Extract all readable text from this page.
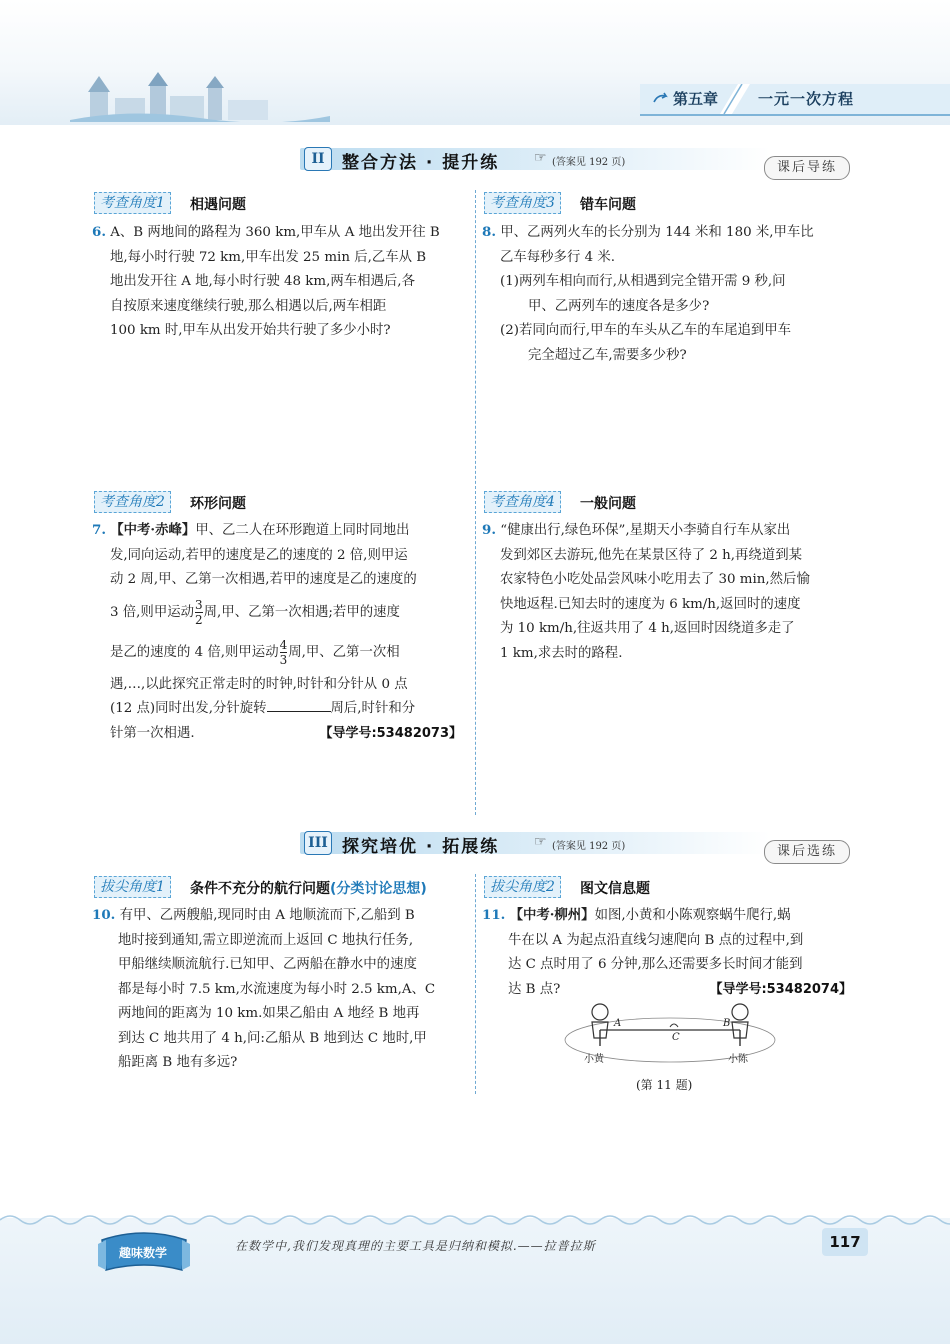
第五章	一元一次方程
II	整合方法 · 提升练 ☞ (答案见 192 页)	课后导练
考查角度1	相遇问题
6. A、B 两地间的路程为 360 km,甲车从 A 地出发开往 B
地,每小时行驶 72 km,甲车出发 25 min 后,乙车从 B
地出发开往 A 地,每小时行驶 48 km,两车相遇后,各
自按原来速度继续行驶,那么相遇以后,两车相距
100 km 时,甲车从出发开始共行驶了多少小时?
考查角度2	环形问题
7. 【中考·赤峰】甲、乙二人在环形跑道上同时同地出
发,同向运动,若甲的速度是乙的速度的 2 倍,则甲运
动 2 周,甲、乙第一次相遇,若甲的速度是乙的速度的
3 倍,则甲运动 $\frac{3}{2}$ 周,甲、乙第一次相遇;若甲的速度
是乙的速度的 4 倍,则甲运动 $\frac{4}{3}$ 周,甲、乙第一次相
遇,…,以此探究正常走时的时钟,时针和分针从 0 点
(12 点)同时出发,分针旋转	周后,时针和分
针第一次相遇.	【导学号:53482073】
考查角度3	错车问题
8. 甲、乙两列火车的长分别为 144 米和 180 米,甲车比
乙车每秒多行 4 米.
(1)两列车相向而行,从相遇到完全错开需 9 秒,问
甲、乙两列车的速度各是多少?
(2)若同向而行,甲车的车头从乙车的车尾追到甲车
完全超过乙车,需要多少秒?
考查角度4	一般问题
9. “健康出行,绿色环保”,星期天小李骑自行车从家出
发到郊区去游玩,他先在某景区待了 2 h,再绕道到某
农家特色小吃处品尝风味小吃用去了 30 min,然后愉
快地返程.已知去时的速度为 6 km/h,返回时的速度
为 10 km/h,往返共用了 4 h,返回时因绕道多走了
1 km,求去时的路程.
III 探究培优 · 拓展练 ☞ (答案见 192 页)	课后选练
拔尖角度1	条件不充分的航行问题(分类讨论思想)
10. 有甲、乙两艘船,现同时由 A 地顺流而下,乙船到 B
地时接到通知,需立即逆流而上返回 C 地执行任务,
甲船继续顺流航行.已知甲、乙两船在静水中的速度
都是每小时 7.5 km,水流速度为每小时 2.5 km,A、C
两地间的距离为 10 km.如果乙船由 A 地经 B 地再
到达 C 地共用了 4 h,问:乙船从 B 地到达 C 地时,甲
船距离 B 地有多远?
拔尖角度2	图文信息题
11. 【中考·柳州】如图,小黄和小陈观察蜗牛爬行,蜗
牛在以 A 为起点沿直线匀速爬向 B 点的过程中,到
达 C 点时用了 6 分钟,那么还需要多长时间才能到
达 B 点?	【导学号:53482074】
A
C
B
小黄	小陈
(第 11 题)
趣味数学	在数学中,我们发现真理的主要工具是归纳和模拟.——拉普拉斯	117
